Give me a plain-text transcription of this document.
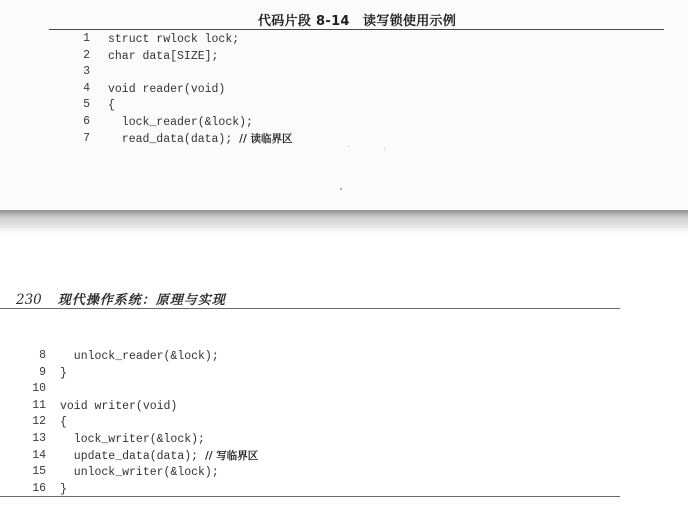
代码片段 8-14　读写锁使用示例
1 struct rwlock lock;
2 char data[SIZE];
3
4 void reader(void)
5 {
6 lock_reader(&lock);
7 read_data(data); // 读临界区
230 现代操作系统：原理与实现
8 unlock_reader(&lock);
9 }
10
11 void writer(void)
12 {
13 lock_writer(&lock);
14 update_data(data); // 写临界区
15 unlock_writer(&lock);
16 }
